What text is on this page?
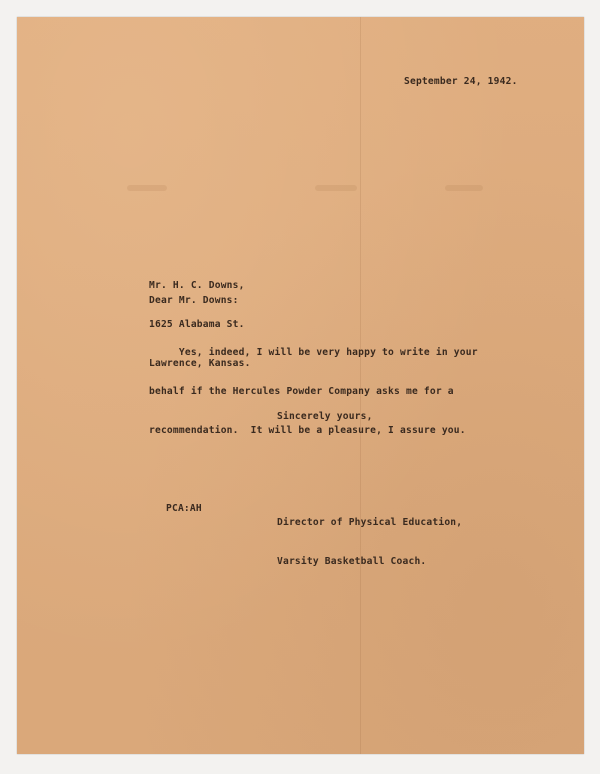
September 24, 1942.

Mr. H. C. Downs,

1625 Alabama St.

Lawrence, Kansas.

Dear Mr. Downs:

Yes, indeed, I will be very happy to write in your

behalf if the Hercules Powder Company asks me for a

recommendation.  It will be a pleasure, I assure you.

Sincerely yours,

Director of Physical Education,

Varsity Basketball Coach.

PCA:AH
